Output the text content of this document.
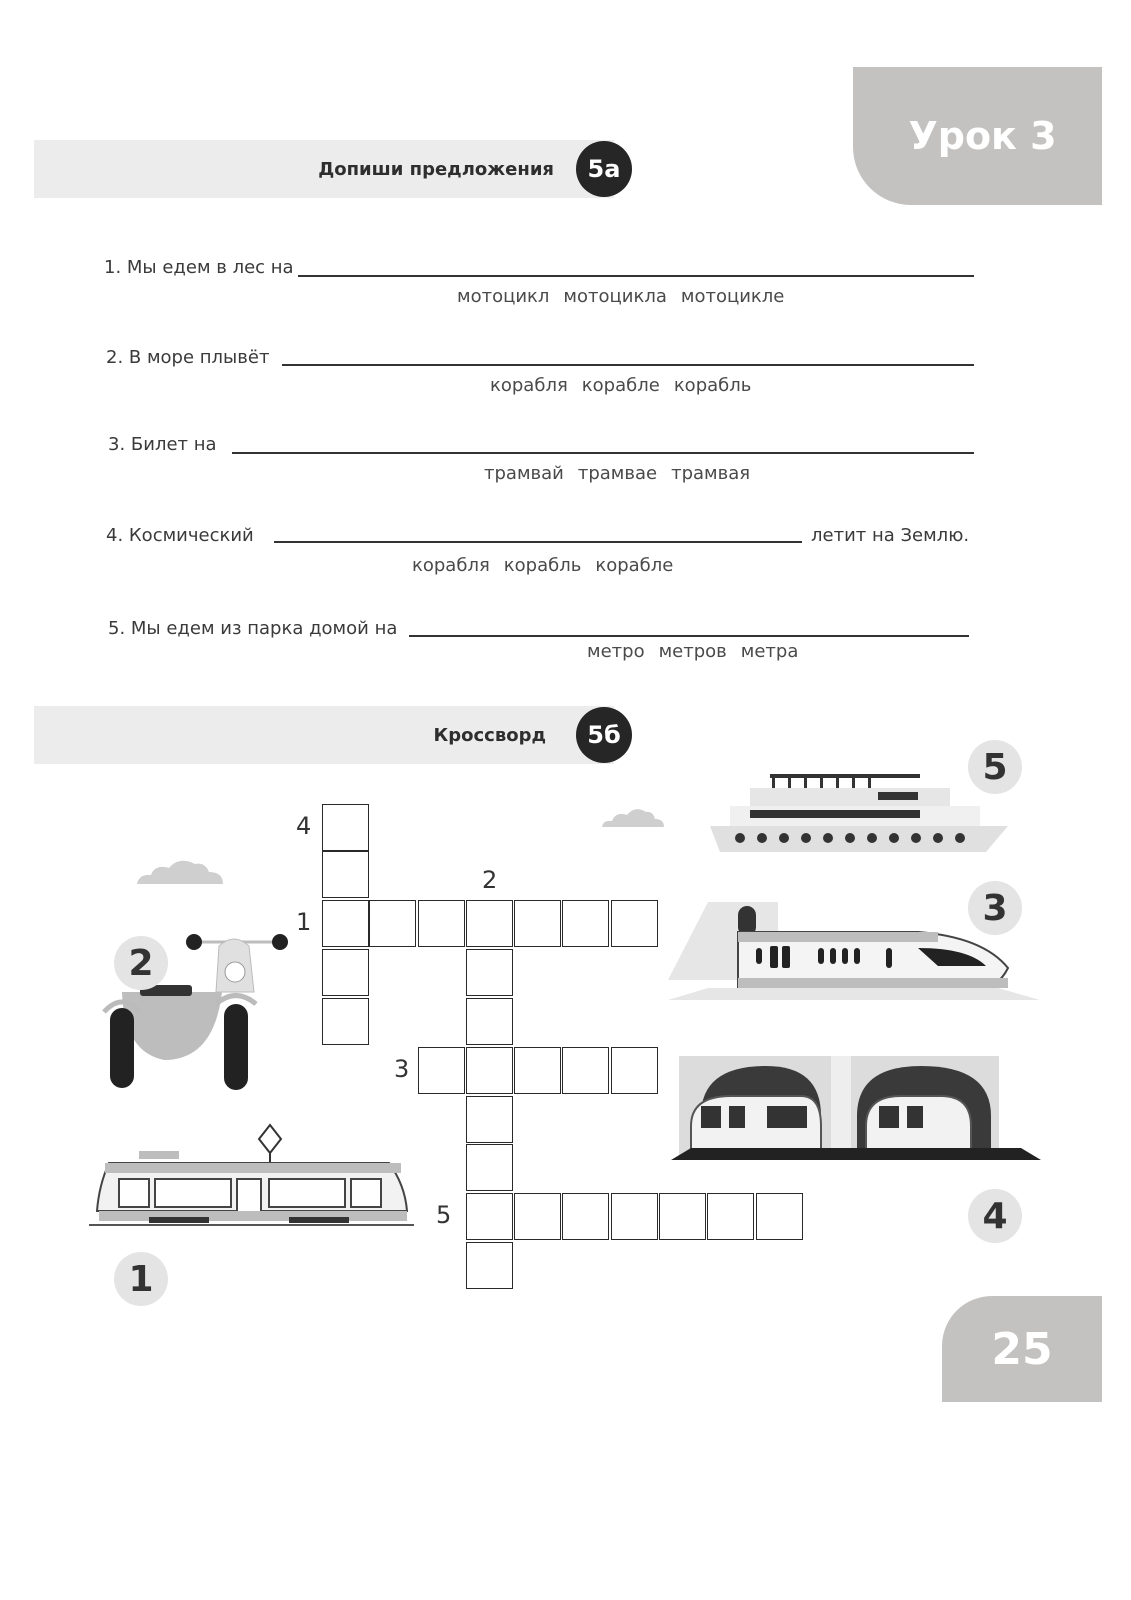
Урок 3
Допиши предложения	5а
1. Мы едем в лес на
мотоцикл мотоцикла мотоцикле
2. В море плывёт
корабля корабле корабль
3. Билет на
трамвай трамвае трамвая
4. Космический	летит на Землю.
корабля корабль корабле
5. Мы едем из парка домой на
метро метров метра
Кроссворд	5б
4
1
2
3
5
2
1
5
3
4
25
